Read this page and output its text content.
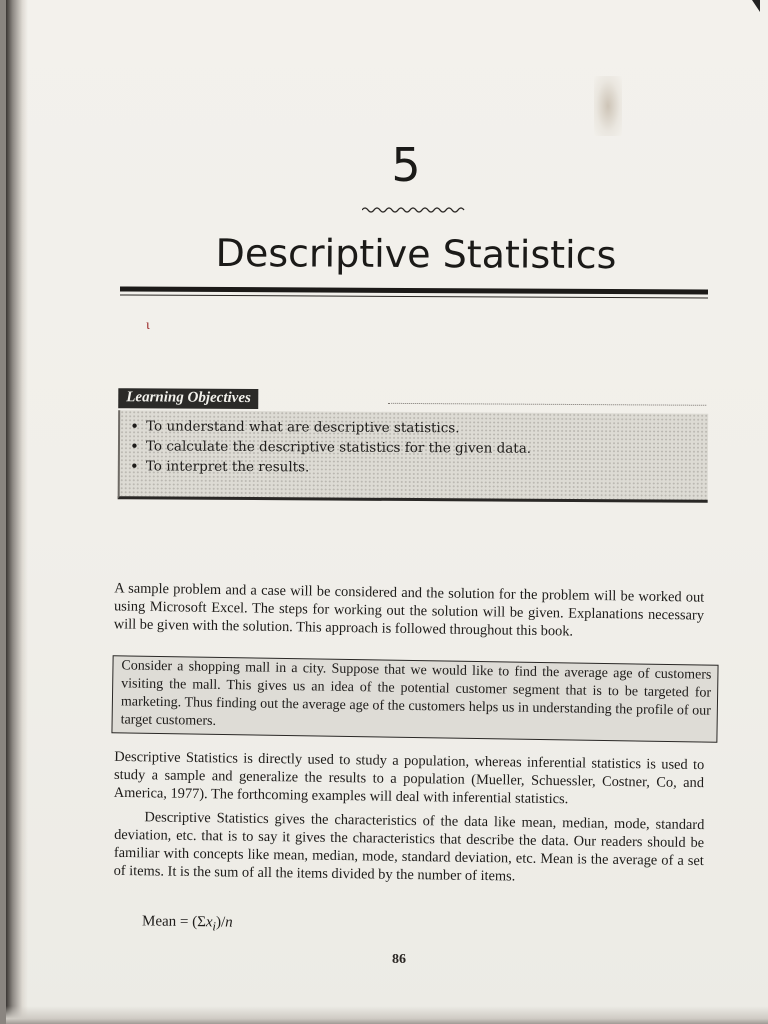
5
Descriptive Statistics
ɩ
• To understand what are descriptive statistics.
• To calculate the descriptive statistics for the given data.
• To interpret the results.
Learning Objectives
A sample problem and a case will be considered and the solution for the problem will be worked out using Microsoft Excel. The steps for working out the solution will be given. Explanations necessary will be given with the solution. This approach is followed throughout this book.
Consider a shopping mall in a city. Suppose that we would like to find the average age of customers visiting the mall. This gives us an idea of the potential customer segment that is to be targeted for marketing. Thus finding out the average age of the customers helps us in understanding the profile of our target customers.
Descriptive Statistics is directly used to study a population, whereas inferential statistics is used to study a sample and generalize the results to a population (Mueller, Schuessler, Costner, Co, and America, 1977). The forthcoming examples will deal with inferential statistics.
Descriptive Statistics gives the characteristics of the data like mean, median, mode, standard deviation, etc. that is to say it gives the characteristics that describe the data. Our readers should be familiar with concepts like mean, median, mode, standard deviation, etc. Mean is the average of a set of items. It is the sum of all the items divided by the number of items.
Mean = $(\Sigma x_i)/n$
86
